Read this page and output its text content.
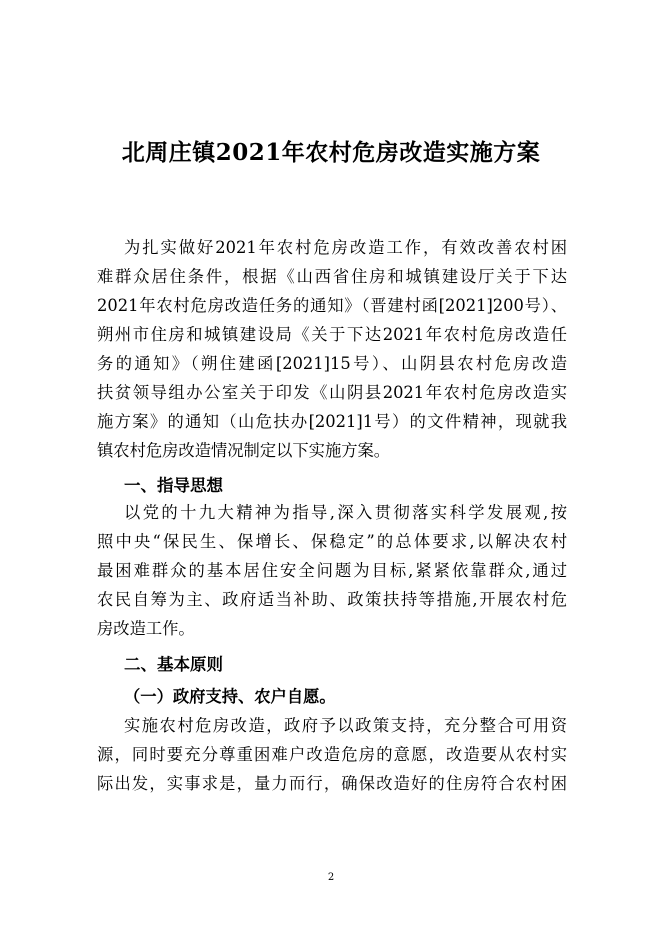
北周庄镇2021年农村危房改造实施方案
为扎实做好2021年农村危房改造工作，有效改善农村困
难群众居住条件，根据《山西省住房和城镇建设厅关于下达
2021年农村危房改造任务的通知》（晋建村函[2021]200号）、
朔州市住房和城镇建设局《关于下达2021年农村危房改造任
务的通知》（朔住建函[2021]15号）、山阴县农村危房改造
扶贫领导组办公室关于印发《山阴县2021年农村危房改造实
施方案》的通知（山危扶办[2021]1号）的文件精神，现就我
镇农村危房改造情况制定以下实施方案。
一、指导思想
以党的十九大精神为指导,深入贯彻落实科学发展观,按
照中央“保民生、保增长、保稳定”的总体要求,以解决农村
最困难群众的基本居住安全问题为目标,紧紧依靠群众,通过
农民自筹为主、政府适当补助、政策扶持等措施,开展农村危
房改造工作。
二、基本原则
（一）政府支持、农户自愿。
实施农村危房改造，政府予以政策支持，充分整合可用资
源，同时要充分尊重困难户改造危房的意愿，改造要从农村实
际出发，实事求是，量力而行，确保改造好的住房符合农村困
2
